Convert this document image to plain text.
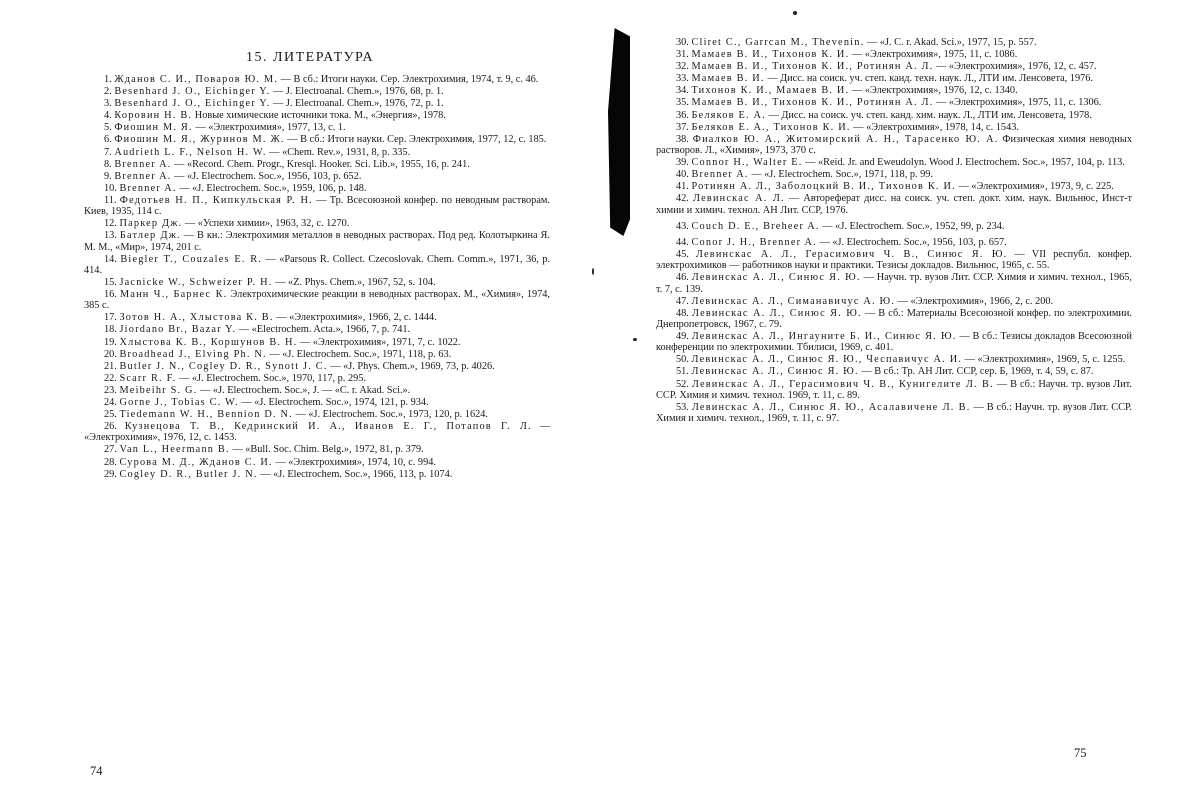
15. ЛИТЕРАТУРА
1. Жданов С. И., Поваров Ю. М. — В сб.: Итоги науки. Сер. Электрохимия, 1974, т. 9, с. 46.
2. Besenhard J. O., Eichinger Y. — J. Electroanal. Chem.», 1976, 68, p. 1.
3. Besenhard J. O., Eichinger Y. — J. Electroanal. Chem.», 1976, 72, p. 1.
4. Коровин Н. В. Новые химические источники тока. М., «Энергия», 1978.
5. Фиошин М. Я. — «Электрохимия», 1977, 13, с. 1.
6. Фиошин М. Я., Журинов М. Ж. — В сб.: Итоги науки. Сер. Электрохимия, 1977, 12, с. 185.
7. Audrieth L. F., Nelson H. W. — «Chem. Rev.», 1931, 8, p. 335.
8. Brenner A. — «Record. Chem. Progr., Kresql. Hooker. Sci. Lib.», 1955, 16, p. 241.
9. Brenner A. — «J. Electrochem. Soc.», 1956, 103, p. 652.
10. Brenner A. — «J. Electrochem. Soc.», 1959, 106, p. 148.
11. Федотьев Н. П., Кипкульская Р. Н. — Тр. Всесоюзной конфер. по неводным растворам. Киев, 1935, 114 с.
12. Паркер Дж. — «Успехи химии», 1963, 32, с. 1270.
13. Батлер Дж. — В кн.: Электрохимия металлов в неводных растворах. Под ред. Колотыркина Я. М. М., «Мир», 1974, 201 с.
14. Biegler T., Couzales E. R. — «Parsous R. Collect. Czecoslovak. Chem. Comm.», 1971, 36, p. 414.
15. Jacnicke W., Schweizer P. H. — «Z. Phys. Chem.», 1967, 52, s. 104.
16. Манн Ч., Барнес К. Электрохимические реакции в неводных растворах. М., «Химия», 1974, 385 с.
17. Зотов Н. А., Хлыстова К. В. — «Электрохимия», 1966, 2, с. 1444.
18. Jiordano Br., Bazar Y. — «Electrochem. Acta.», 1966, 7, p. 741.
19. Хлыстова К. В., Коршунов В. Н. — «Электрохимия», 1971, 7, с. 1022.
20. Broadhead J., Elving Ph. N. — «J. Electrochem. Soc.», 1971, 118, p. 63.
21. Butler J. N., Cogley D. R., Synott J. C. — «J. Phys. Chem.», 1969, 73, p. 4026.
22. Scarr R. F. — «J. Electrochem. Soc.», 1970, 117, p. 295.
23. Meibeihr S. G. — «J. Electrochem. Soc.», J. — «C. r. Akad. Sci.».
24. Gorne J., Tobias C. W. — «J. Electrochem. Soc.», 1974, 121, p. 934.
25. Tiedemann W. H., Bennion D. N. — «J. Electrochem. Soc.», 1973, 120, p. 1624.
26. Кузнецова Т. В., Кедринский И. А., Иванов Е. Г., Потапов Г. Л. — «Электрохимия», 1976, 12, с. 1453.
27. Van L., Heermann B. — «Bull. Soc. Chim. Belg.», 1972, 81, p. 379.
28. Сурова М. Д., Жданов С. И. — «Электрохимия», 1974, 10, с. 994.
29. Cogley D. R., Butler J. N. — «J. Electrochem. Soc.», 1966, 113, p. 1074.
74
30. Cliret C., Garrcan M., Thevenin. — «J. C. r. Akad. Sci.», 1977, 15, p. 557.
31. Мамаев В. И., Тихонов К. И. — «Электрохимия», 1975, 11, с. 1086.
32. Мамаев В. И., Тихонов К. И., Ротинян А. Л. — «Электрохимия», 1976, 12, с. 457.
33. Мамаев В. И. — Дисс. на соиск. уч. степ. канд. техн. наук. Л., ЛТИ им. Ленсовета, 1976.
34. Тихонов К. И., Мамаев В. И. — «Электрохимия», 1976, 12, с. 1340.
35. Мамаев В. И., Тихонов К. И., Ротинян А. Л. — «Электрохимия», 1975, 11, с. 1306.
36. Беляков Е. А. — Дисс. на соиск. уч. степ. канд. хим. наук. Л., ЛТИ им. Ленсовета, 1978.
37. Беляков Е. А., Тихонов К. И. — «Электрохимия», 1978, 14, с. 1543.
38. Фиалков Ю. А., Житомирский А. Н., Тарасенко Ю. А. Физическая химия неводных растворов. Л., «Химия», 1973, 370 с.
39. Connor H., Walter E. — «Reid. Jr. and Eweudolyn. Wood J. Electrochem. Soc.», 1957, 104, p. 113.
40. Brenner A. — «J. Electrochem. Soc.», 1971, 118, p. 99.
41. Ротинян А. Л., Заболоцкий В. И., Тихонов К. И. — «Электрохимия», 1973, 9, с. 225.
42. Левинскас А. Л. — Автореферат дисс. на соиск. уч. степ. докт. хим. наук. Вильнюс, Инст-т химии и химич. технол. АН Лит. ССР, 1976.
43. Couch D. E., Breheer A. — «J. Electrochem. Soc.», 1952, 99, p. 234.
44. Conor J. H., Brenner A. — «J. Electrochem. Soc.», 1956, 103, p. 657.
45. Левинскас А. Л., Герасимович Ч. В., Синюс Я. Ю. — VII республ. конфер. электрохимиков — работников науки и практики. Тезисы докладов. Вильнюс, 1965, с. 55.
46. Левинскас А. Л., Синюс Я. Ю. — Научн. тр. вузов Лит. ССР. Химия и химич. технол., 1965, т. 7, с. 139.
47. Левинскас А. Л., Симанавичус А. Ю. — «Электрохимия», 1966, 2, с. 200.
48. Левинскас А. Л., Синюс Я. Ю. — В сб.: Материалы Всесоюзной конфер. по электрохимии. Днепропетровск, 1967, с. 79.
49. Левинскас А. Л., Ингауните Б. И., Синюс Я. Ю. — В сб.: Тезисы докладов Всесоюзной конференции по электрохимии. Тбилиси, 1969, с. 401.
50. Левинскас А. Л., Синюс Я. Ю., Чеспавичус А. И. — «Электрохимия», 1969, 5, с. 1255.
51. Левинскас А. Л., Синюс Я. Ю. — В сб.: Тр. АН Лит. ССР, сер. Б, 1969, т. 4, 59, с. 87.
52. Левинскас А. Л., Герасимович Ч. В., Кунигелите Л. В. — В сб.: Научн. тр. вузов Лит. ССР. Химия и химич. технол. 1969, т. 11, с. 89.
53. Левинскас А. Л., Синюс Я. Ю., Асалавичене Л. В. — В сб.: Научн. тр. вузов Лит. ССР. Химия и химич. технол., 1969, т. 11, с. 97.
75
